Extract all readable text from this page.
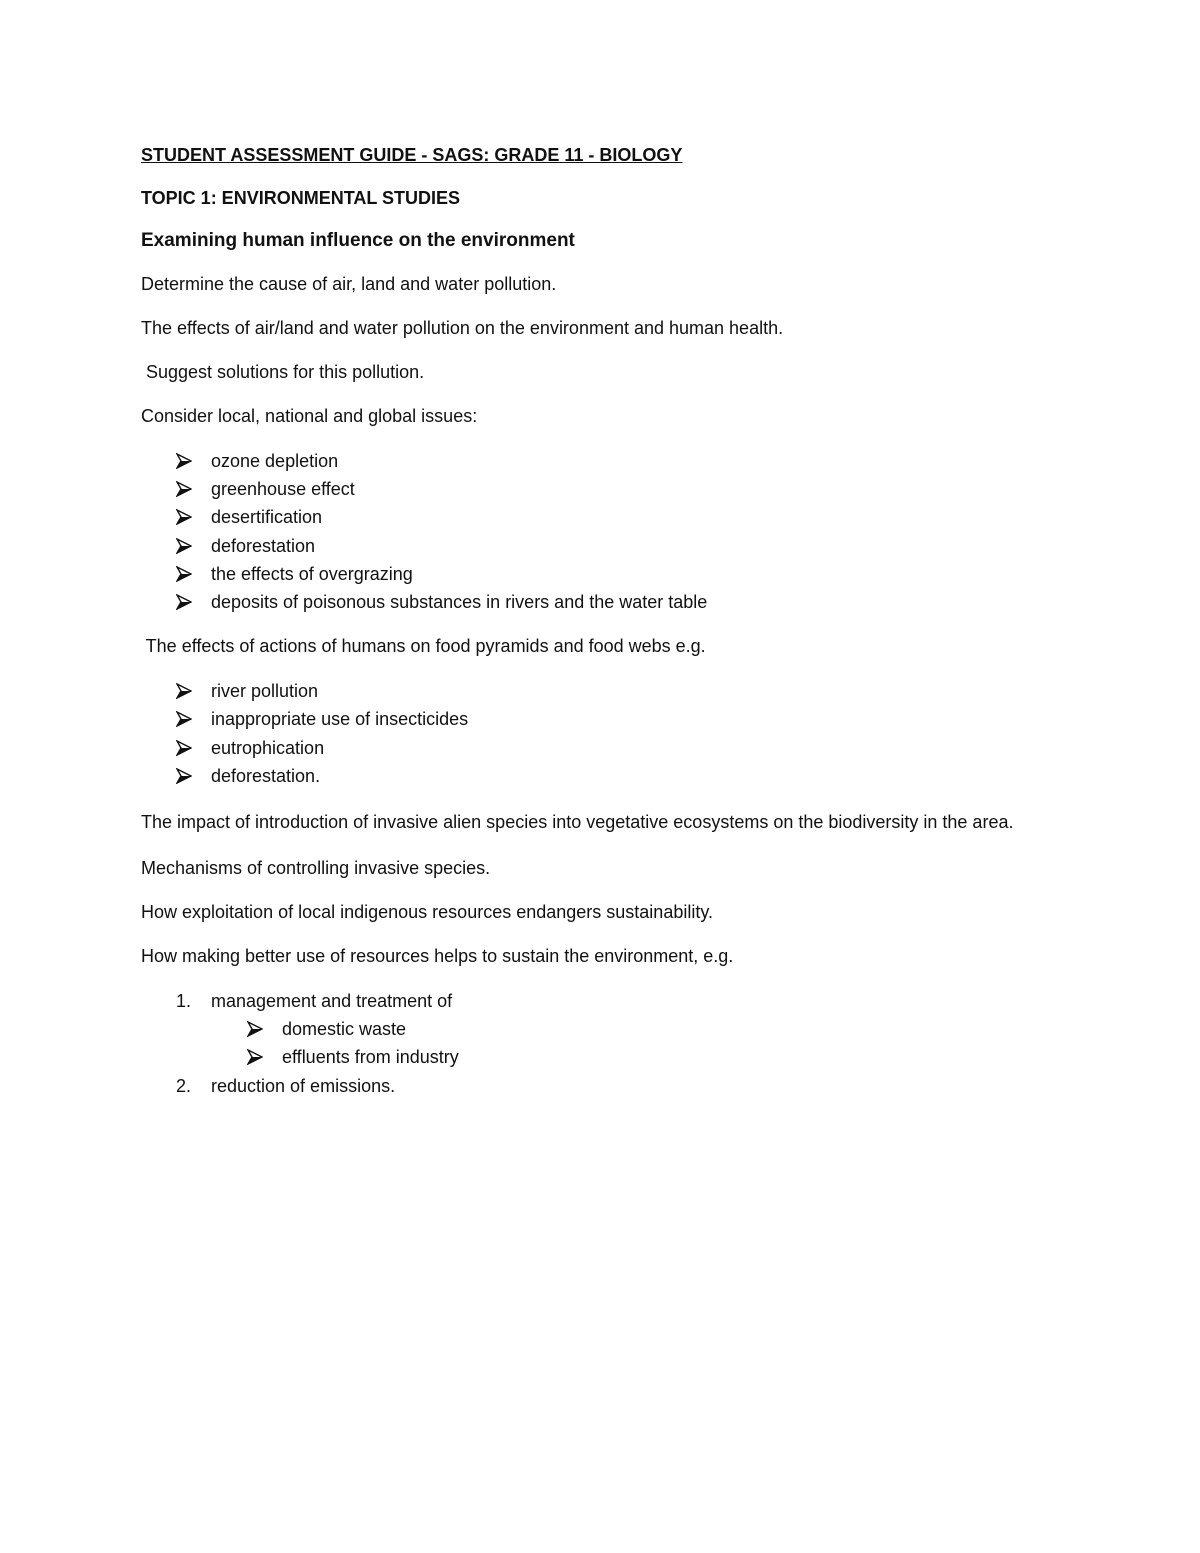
STUDENT ASSESSMENT GUIDE - SAGS: GRADE 11 - BIOLOGY

TOPIC 1: ENVIRONMENTAL STUDIES

Examining human influence on the environment

Determine the cause of air, land and water pollution.

The effects of air/land and water pollution on the environment and human health.

Suggest solutions for this pollution.

Consider local, national and global issues:

ozone depletion
greenhouse effect
desertification
deforestation
the effects of overgrazing
deposits of poisonous substances in rivers and the water table

The effects of actions of humans on food pyramids and food webs e.g.

river pollution
inappropriate use of insecticides
eutrophication
deforestation.

The impact of introduction of invasive alien species into vegetative ecosystems on the biodiversity in the area.

Mechanisms of controlling invasive species.

How exploitation of local indigenous resources endangers sustainability.

How making better use of resources helps to sustain the environment, e.g.

1. management and treatment of
domestic waste
effluents from industry
2. reduction of emissions.
